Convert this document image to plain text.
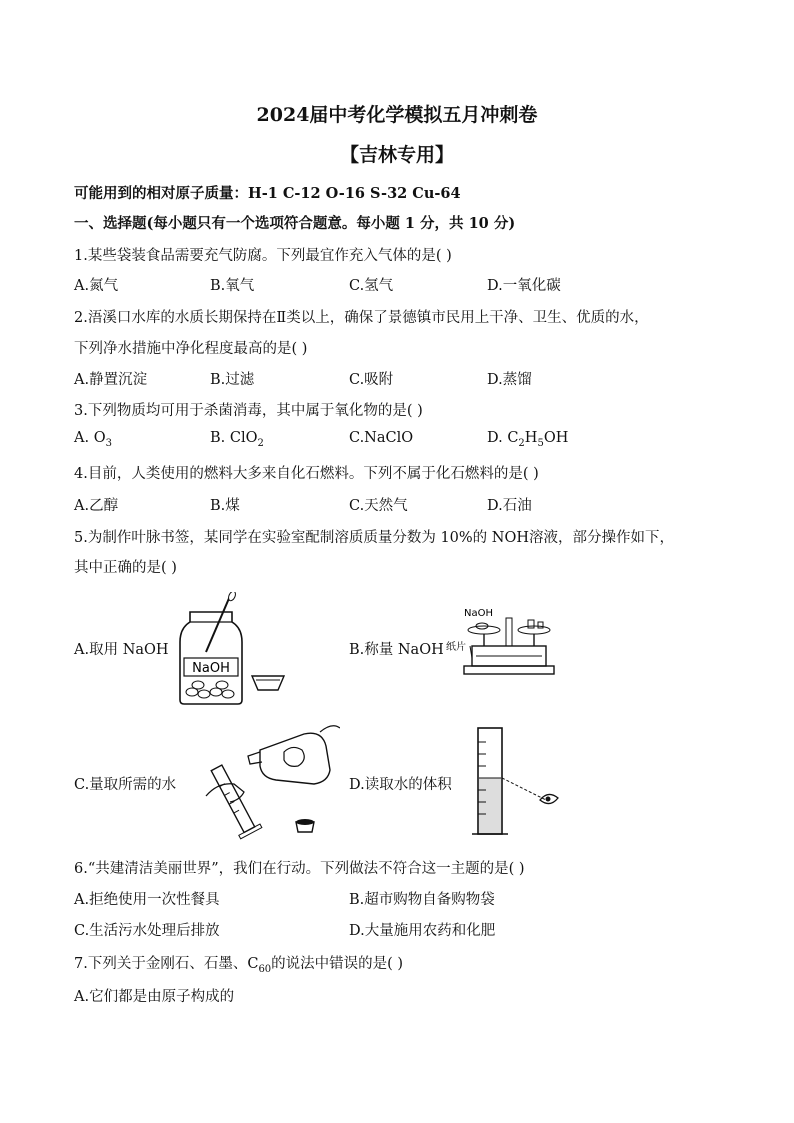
2024届中考化学模拟五月冲刺卷
【吉林专用】
可能用到的相对原子质量：H-1 C-12 O-16 S-32 Cu-64
一、选择题(每小题只有一个选项符合题意。每小题 1 分，共 10 分)
1.某些袋装食品需要充气防腐。下列最宜作充入气体的是( )
A.氮气	B.氧气	C.氢气	D.一氧化碳
2.浯溪口水库的水质长期保持在Ⅱ类以上，确保了景德镇市民用上干净、卫生、优质的水，
下列净水措施中净化程度最高的是( )
A.静置沉淀	B.过滤	C.吸附	D.蒸馏
3.下列物质均可用于杀菌消毒，其中属于氧化物的是( )
A. $O_3$	B. ClO$_2$	C.NaClO	D. $C_2H_5OH$
4.目前，人类使用的燃料大多来自化石燃料。下列不属于化石燃料的是( )
A.乙醇	B.煤	C.天然气	D.石油
5.为制作叶脉书签，某同学在实验室配制溶质质量分数为 10%的 NOH溶液，部分操作如下，
其中正确的是( )
A.取用 NaOH
NaOH
B.称量 NaOH
NaOH
纸片
C.量取所需的水	D.读取水的体积
6.“共建清洁美丽世界”，我们在行动。下列做法不符合这一主题的是( )
A.拒绝使用一次性餐具	B.超市购物自备购物袋
C.生活污水处理后排放	D.大量施用农药和化肥
7.下列关于金刚石、石墨、$C_{60}$的说法中错误的是( )
A.它们都是由原子构成的
